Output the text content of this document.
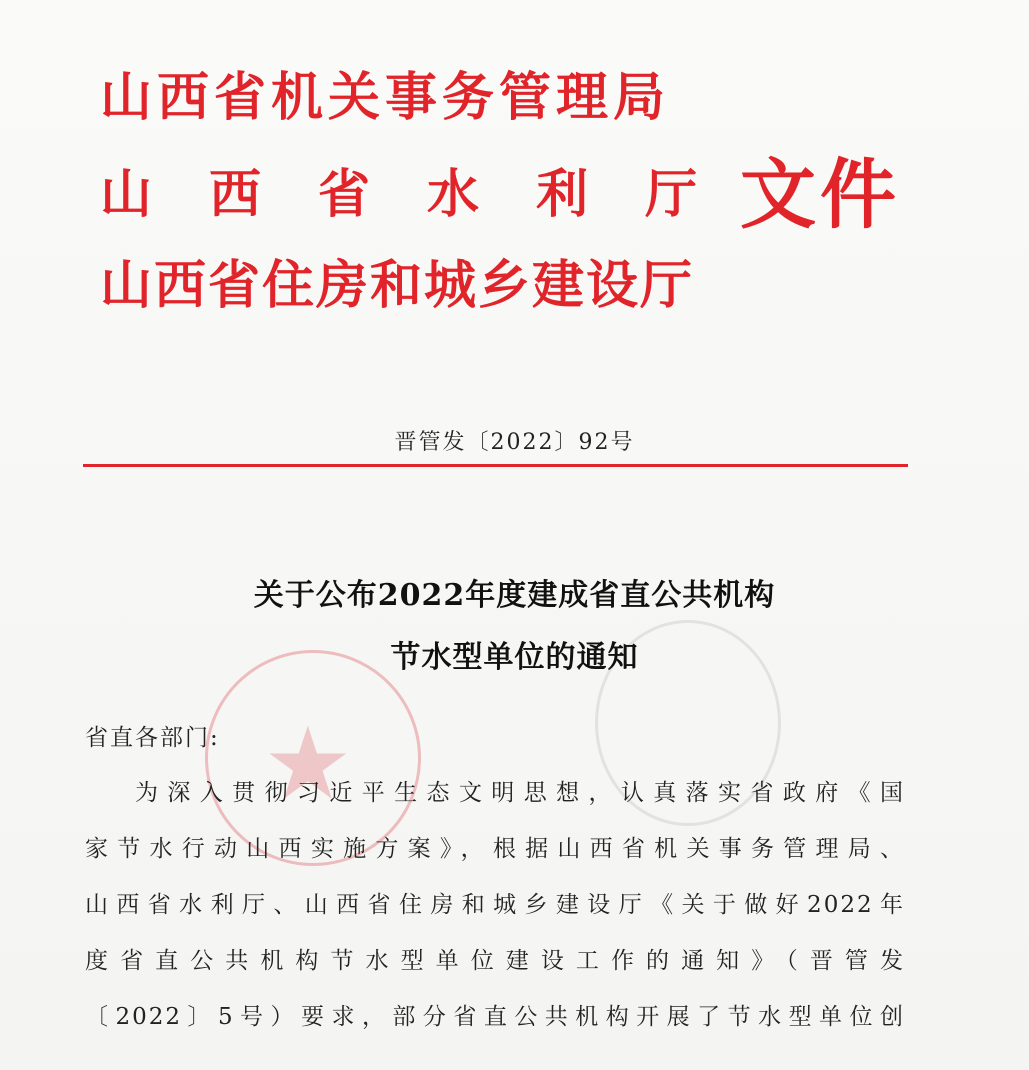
★
山西省机关事务管理局
山 西 省 水 利 厅 文件
山西省住房和城乡建设厅
晋管发〔2022〕92号
关于公布2022年度建成省直公共机构
节水型单位的通知
省直各部门:

为深入贯彻习近平生态文明思想，认真落实省政府《国

家节水行动山西实施方案》，根据山西省机关事务管理局、

山西省水利厅、山西省住房和城乡建设厅《关于做好2022年

度省直公共机构节水型单位建设工作的通知》（晋管发

〔2022〕5号）要求，部分省直公共机构开展了节水型单位创
